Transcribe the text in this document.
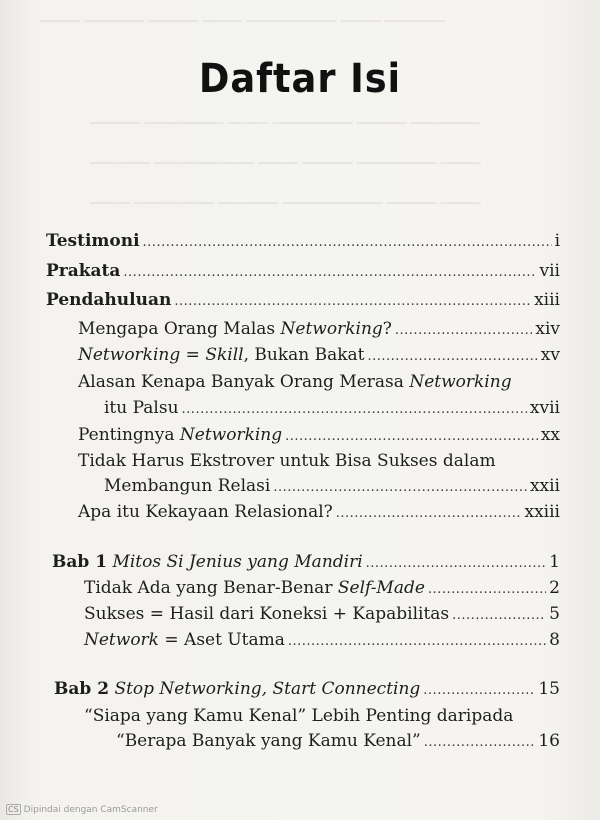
▁▁▁▁ ▁▁▁▁▁▁ ▁▁▁▁▁ ▁▁▁▁ ▁▁▁▁▁▁▁▁▁ ▁▁▁▁ ▁▁▁▁▁▁
▁▁▁▁▁ ▁▁▁▁▁▁▁▁ ▁▁▁▁ ▁▁▁▁▁▁▁▁ ▁▁▁▁▁ ▁▁▁▁▁▁▁
▁▁▁▁▁▁ ▁▁▁▁▁▁▁▁▁▁ ▁▁▁▁ ▁▁▁▁▁ ▁▁▁▁▁▁▁▁ ▁▁▁▁
▁▁▁▁ ▁▁▁▁▁▁▁▁ ▁▁▁▁▁▁ ▁▁▁▁▁▁▁▁▁▁ ▁▁▁▁▁ ▁▁▁▁
Daftar Isi
Testimoni .....	i
Prakata .....	vii
Pendahuluan .....	xiii
Mengapa Orang Malas Networking? .....	xiv
Networking = Skill, Bukan Bakat .....	xv
Alasan Kenapa Banyak Orang Merasa Networking
itu Palsu .....	xvii
Pentingnya Networking .....	xx
Tidak Harus Ekstrover untuk Bisa Sukses dalam
Membangun Relasi .....	xxii
Apa itu Kekayaan Relasional? .....	xxiii
Bab 1 Mitos Si Jenius yang Mandiri .....	1
Tidak Ada yang Benar-Benar Self-Made .....	2
Sukses = Hasil dari Koneksi + Kapabilitas .....	5
Network = Aset Utama .....	8
Bab 2 Stop Networking, Start Connecting .....	15
“Siapa yang Kamu Kenal” Lebih Penting daripada
“Berapa Banyak yang Kamu Kenal” .....	16
CS Dipindai dengan CamScanner
